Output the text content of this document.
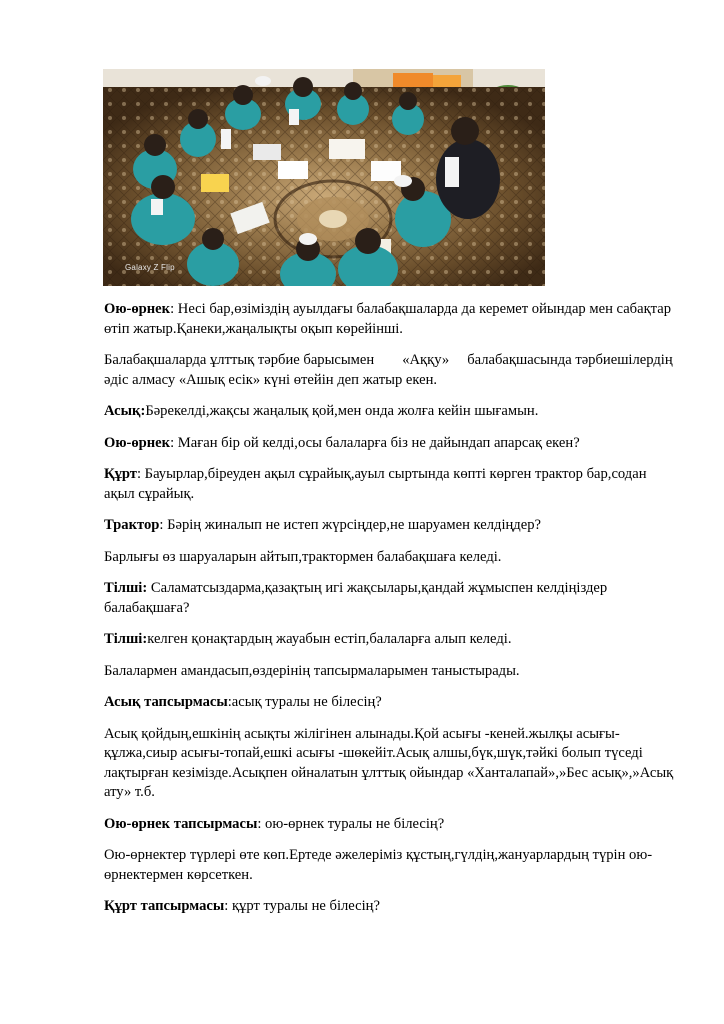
Galaxy Z Flip

Ою-өрнек: Несі бар,өзіміздің ауылдағы балабақшаларда да керемет ойындар мен сабақтар өтіп жатыр.Қанеки,жаңалықты оқып көрейінші.

Балабақшаларда ұлттық тәрбие барысымен «Аққу» балабақшасында тәрбиешілердің әдіс алмасу «Ашық есік» күні өтейін деп жатыр екен.

Асық:Бәрекелді,жақсы жаңалық қой,мен онда жолға кейін шығамын.

Ою-өрнек: Маған бір ой келді,осы балаларға біз не дайындап апарсақ екен?

Құрт: Бауырлар,біреуден ақыл сұрайық,ауыл сыртында көпті көрген трактор бар,содан ақыл сұрайық.

Трактор: Бәрің жиналып не истеп жүрсіңдер,не шаруамен келдіңдер?

Барлығы өз шаруаларын айтып,трактормен балабақшаға келеді.

Тілші: Саламатсыздарма,қазақтың игі жақсылары,қандай жұмыспен келдіңіздер балабақшаға?

Тілші:келген қонақтардың жауабын естіп,балаларға алып келеді.

Балалармен амандасып,өздерінің тапсырмаларымен таныстырады.

Асық тапсырмасы:асық туралы не білесің?

Асық қойдың,ешкінің асықты жілігінен алынады.Қой асығы -кеней.жылқы асығы-құлжа,сиыр асығы-топай,ешкі асығы -шөкейіт.Асық алшы,бүк,шүк,тәйкі болып түседі лақтырған кезімізде.Асықпен ойналатын ұлттық ойындар «Ханталапай»,»Бес асық»,»Асық ату» т.б.

Ою-өрнек тапсырмасы: ою-өрнек туралы не білесің?

Ою-өрнектер түрлері өте көп.Ертеде әжелеріміз құстың,гүлдің,жануарлардың түрін ою-өрнектермен көрсеткен.

Құрт тапсырмасы: құрт туралы не білесің?
